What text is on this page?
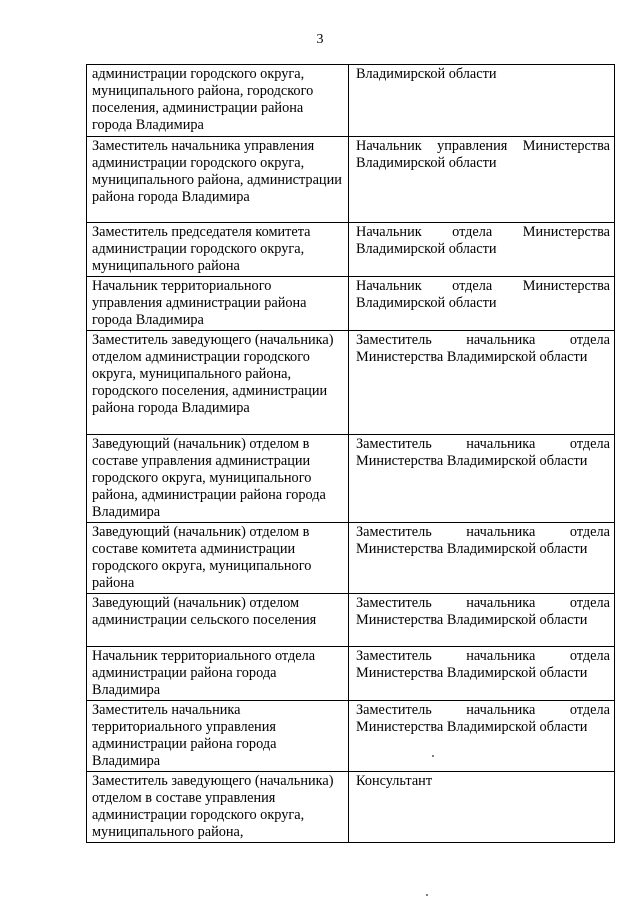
3
администрации городского округа, муниципального района, городского поселения, администрации района города Владимира	Владимирской области
Заместитель начальника управления администрации городского округа, муниципального района, администрации района города Владимира	Начальник управления Министерства Владимирской области
Заместитель председателя комитета администрации городского округа, муниципального района	Начальник отдела Министерства Владимирской области
Начальник территориального управления администрации района города Владимира	Начальник отдела Министерства Владимирской области
Заместитель заведующего (начальника) отделом администрации городского округа, муниципального района, городского поселения, администрации района города Владимира	Заместитель начальника отдела Министерства Владимирской области
Заведующий (начальник) отделом в составе управления администрации городского округа, муниципального района, администрации района города Владимира	Заместитель начальника отдела Министерства Владимирской области
Заведующий (начальник) отделом в составе комитета администрации городского округа, муниципального района	Заместитель начальника отдела Министерства Владимирской области
Заведующий (начальник) отделом администрации сельского поселения	Заместитель начальника отдела Министерства Владимирской области
Начальник территориального отдела администрации района города Владимира	Заместитель начальника отдела Министерства Владимирской области
Заместитель начальника территориального управления администрации района города Владимира	Заместитель начальника отдела Министерства Владимирской области
Заместитель заведующего (начальника) отделом в составе управления администрации городского округа, муниципального района,	Консультант
